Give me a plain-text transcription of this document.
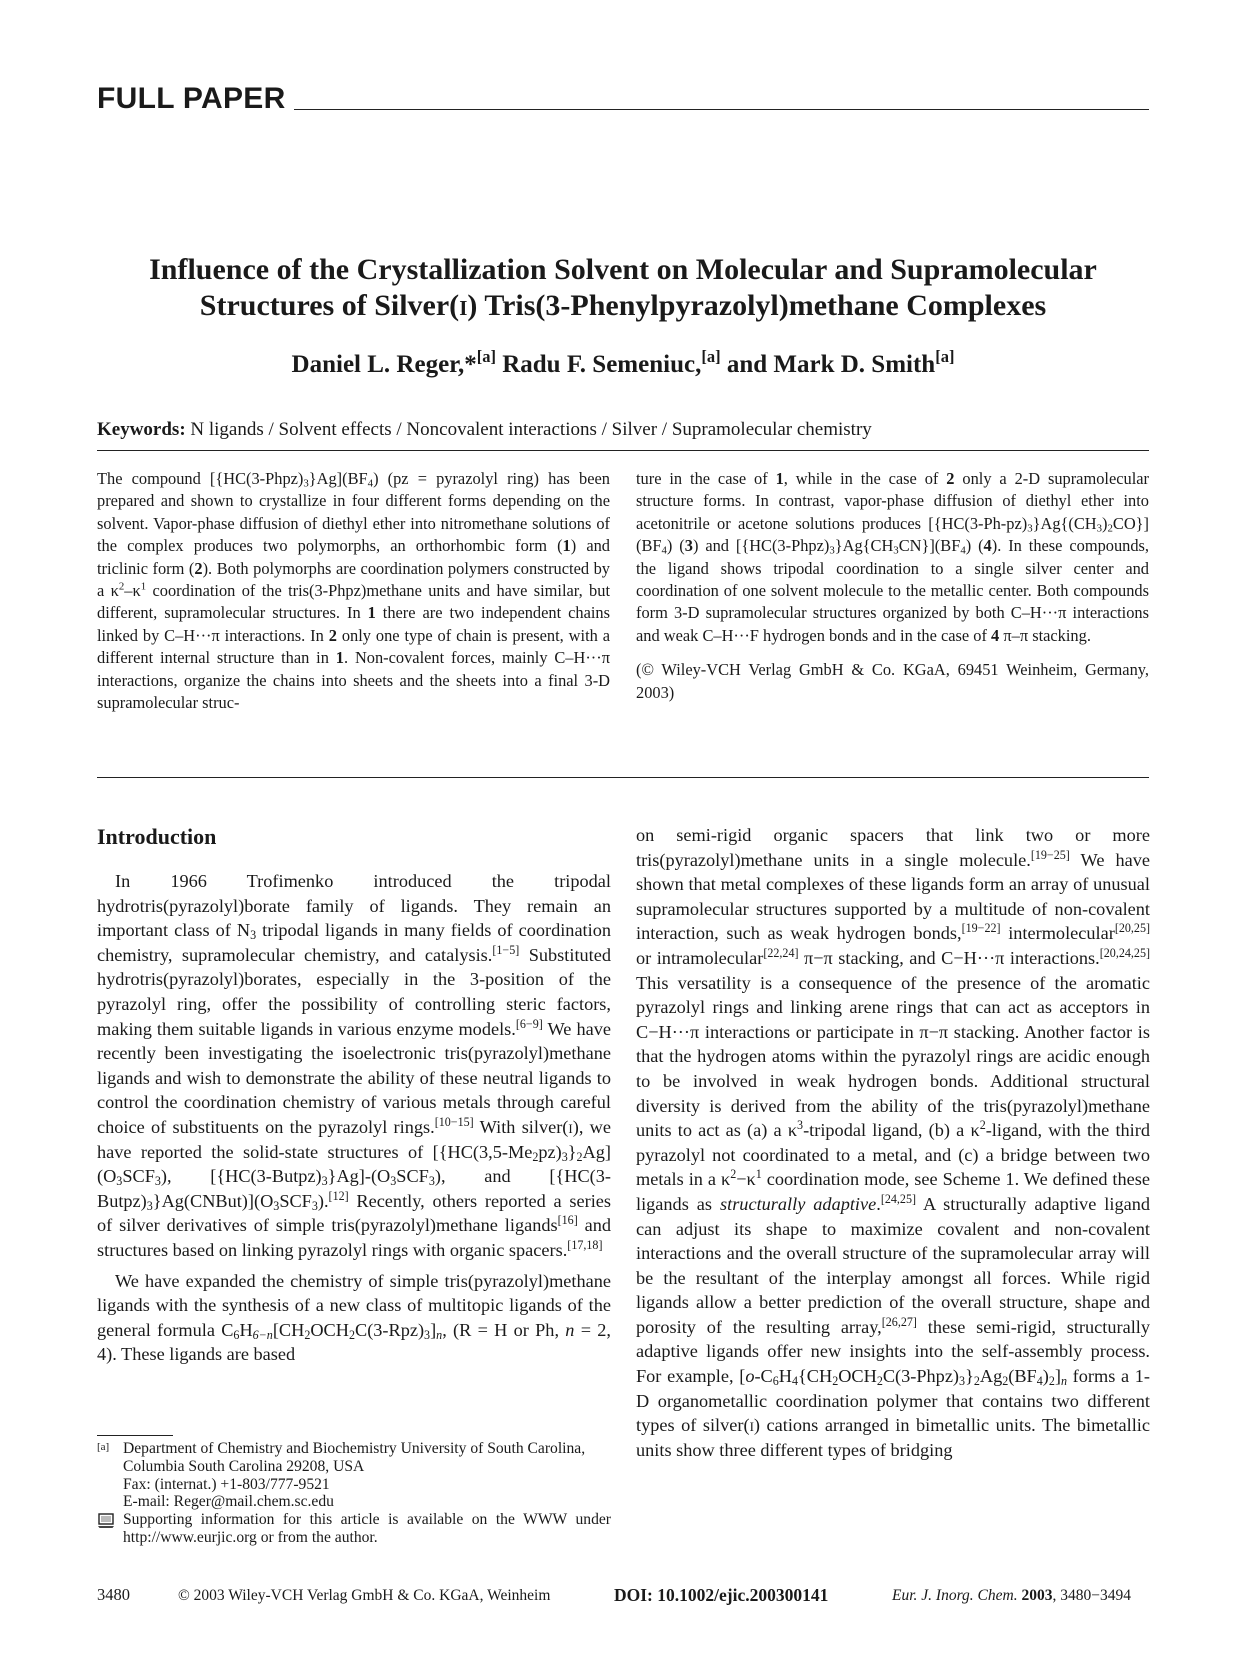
FULL PAPER
Influence of the Crystallization Solvent on Molecular and Supramolecular
Structures of Silver(i) Tris(3-Phenylpyrazolyl)methane Complexes
Daniel L. Reger,*[a] Radu F. Semeniuc,[a] and Mark D. Smith[a]
Keywords: N ligands / Solvent effects / Noncovalent interactions / Silver / Supramolecular chemistry

The compound $[\{HC(3-Phpz)_3\}Ag](BF_4) (pz$ = pyrazolyl ring) has been prepared and shown to crystallize in four different forms depending on the solvent. Vapor-phase diffusion of diethyl ether into nitromethane solutions of the complex produces two polymorphs, an orthorhombic form (1) and triclinic form (2). Both polymorphs are coordination polymers constructed by a $\kappa^2-\kappa^1$ coordination of the tris(3-Phpz)methane units and have similar, but different, supramolecular structures. In 1 there are two independent chains linked by C–H···π interactions. In 2 only one type of chain is present, with a different internal structure than in 1. Non-covalent forces, mainly C–H···π interactions, organize the chains into sheets and the sheets into a final 3-D supramolecular struc-

ture in the case of 1, while in the case of 2 only a 2-D supramolecular structure forms. In contrast, vapor-phase diffusion of diethyl ether into acetonitrile or acetone solutions produces $[\{HC(3-Ph-pz)_3\}Ag\{(CH_3)_2CO\}](BF_4)$ (3) and $[\{HC(3-Phpz)_3\}Ag\{CH_3CN\}](BF_4)$ (4). In these compounds, the ligand shows tripodal coordination to a single silver center and coordination of one solvent molecule to the metallic center. Both compounds form 3-D supramolecular structures organized by both C–H···π interactions and weak C–H···F hydrogen bonds and in the case of 4 π–π stacking.

(© Wiley-VCH Verlag GmbH & Co. KGaA, 69451 Weinheim, Germany, 2003)

Introduction

In 1966 Trofimenko introduced the tripodal hydrotris(pyrazolyl)borate family of ligands. They remain an important class of $N_3$ tripodal ligands in many fields of coordination chemistry, supramolecular chemistry, and catalysis.[1−5] Substituted hydrotris(pyrazolyl)borates, especially in the 3-position of the pyrazolyl ring, offer the possibility of controlling steric factors, making them suitable ligands in various enzyme models.[6−9] We have recently been investigating the isoelectronic tris(pyrazolyl)methane ligands and wish to demonstrate the ability of these neutral ligands to control the coordination chemistry of various metals through careful choice of substituents on the pyrazolyl rings.[10−15] With silver(i), we have reported the solid-state structures of $[\{HC(3,5-Me_2pz)_3\}_2Ag](O_3SCF_3)$, $[\{HC(3-Butpz)_3\}Ag]-(O_3SCF_3)$, and $[\{HC(3-Butpz)_3\}Ag(CNBut)](O_3SCF_3).[12]$ Recently, others reported a series of silver derivatives of simple tris(pyrazolyl)methane ligands[16] and structures based on linking pyrazolyl rings with organic spacers.[17,18]

We have expanded the chemistry of simple tris(pyrazolyl)methane ligands with the synthesis of a new class of multitopic ligands of the general formula $C_6H_{6-n}[CH_2OCH_2C(3-Rpz)_3]_n$, (R = H or Ph, n = 2, 4). These ligands are based

[a] Department of Chemistry and Biochemistry University of South Carolina,
Columbia South Carolina 29208, USA
Fax: (internat.) +1-803/777-9521
E-mail: Reger@mail.chem.sc.edu
Supporting information for this article is available on the WWW under http://www.eurjic.org or from the author.

on semi-rigid organic spacers that link two or more tris(pyrazolyl)methane units in a single molecule.[19−25] We have shown that metal complexes of these ligands form an array of unusual supramolecular structures supported by a multitude of non-covalent interaction, such as weak hydrogen bonds,[19−22] intermolecular[20,25] or intramolecular[22,24] π−π stacking, and C−H···π interactions.[20,24,25] This versatility is a consequence of the presence of the aromatic pyrazolyl rings and linking arene rings that can act as acceptors in C−H···π interactions or participate in π−π stacking. Another factor is that the hydrogen atoms within the pyrazolyl rings are acidic enough to be involved in weak hydrogen bonds. Additional structural diversity is derived from the ability of the tris(pyrazolyl)methane units to act as (a) a $\kappa^3$-tripodal ligand, (b) a $\kappa^2$-ligand, with the third pyrazolyl not coordinated to a metal, and (c) a bridge between two metals in a $\kappa^2-\kappa^1$ coordination mode, see Scheme 1. We defined these ligands as structurally adaptive.[24,25] A structurally adaptive ligand can adjust its shape to maximize covalent and non-covalent interactions and the overall structure of the supramolecular array will be the resultant of the interplay amongst all forces. While rigid ligands allow a better prediction of the overall structure, shape and porosity of the resulting array,[26,27] these semi-rigid, structurally adaptive ligands offer new insights into the self-assembly process. For example, $[o-C_6H_4\{CH_2OCH_2C(3-Phpz)_3\}_2Ag_2(BF_4)_2]_n$ forms a 1-D organometallic coordination polymer that contains two different types of silver(i) cations arranged in bimetallic units. The bimetallic units show three different types of bridging

3480	© 2003 Wiley-VCH Verlag GmbH & Co. KGaA, Weinheim	DOI: 10.1002/ejic.200300141	Eur. J. Inorg. Chem. 2003 , 3480−3494
